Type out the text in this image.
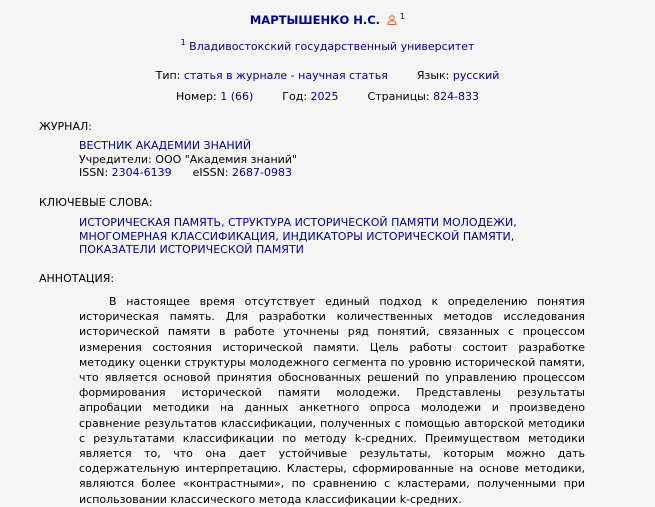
МАРТЫШЕНКО Н.С.	$^1$
$^1$ Владивостокский государственный университет
Тип: статья в журнале - научная статья	Язык: русский
Номер: 1 (66)	Год: 2025	Страницы: 824-833
ЖУРНАЛ:
ВЕСТНИК АКАДЕМИИ ЗНАНИЙ
Учредители: ООО "Академия знаний"
ISSN: 2304-6139 eISSN: 2687-0983
КЛЮЧЕВЫЕ СЛОВА:
ИСТОРИЧЕСКАЯ ПАМЯТЬ, СТРУКТУРА ИСТОРИЧЕСКОЙ ПАМЯТИ МОЛОДЕЖИ, МНОГОМЕРНАЯ КЛАССИФИКАЦИЯ, ИНДИКАТОРЫ ИСТОРИЧЕСКОЙ ПАМЯТИ, ПОКАЗАТЕЛИ ИСТОРИЧЕСКОЙ ПАМЯТИ
АННОТАЦИЯ:
В настоящее время отсутствует единый подход к определению понятия историческая память. Для разработки количественных методов исследования исторической памяти в работе уточнены ряд понятий, связанных с процессом измерения состояния исторической памяти. Цель работы состоит разработке методику оценки структуры молодежного сегмента по уровню исторической памяти, что является основой принятия обоснованных решений по управлению процессом формирования исторической памяти молодежи. Представлены результаты апробации методики на данных анкетного опроса молодежи и произведено сравнение результатов классификации, полученных с помощью авторской методики с результатами классификации по методу k-средних. Преимуществом методики является то, что она дает устойчивые результаты, которым можно дать содержательную интерпретацию. Кластеры, сформированные на основе методики, являются более «контрастными», по сравнению с кластерами, полученными при использовании классического метода классификации k-средних.
